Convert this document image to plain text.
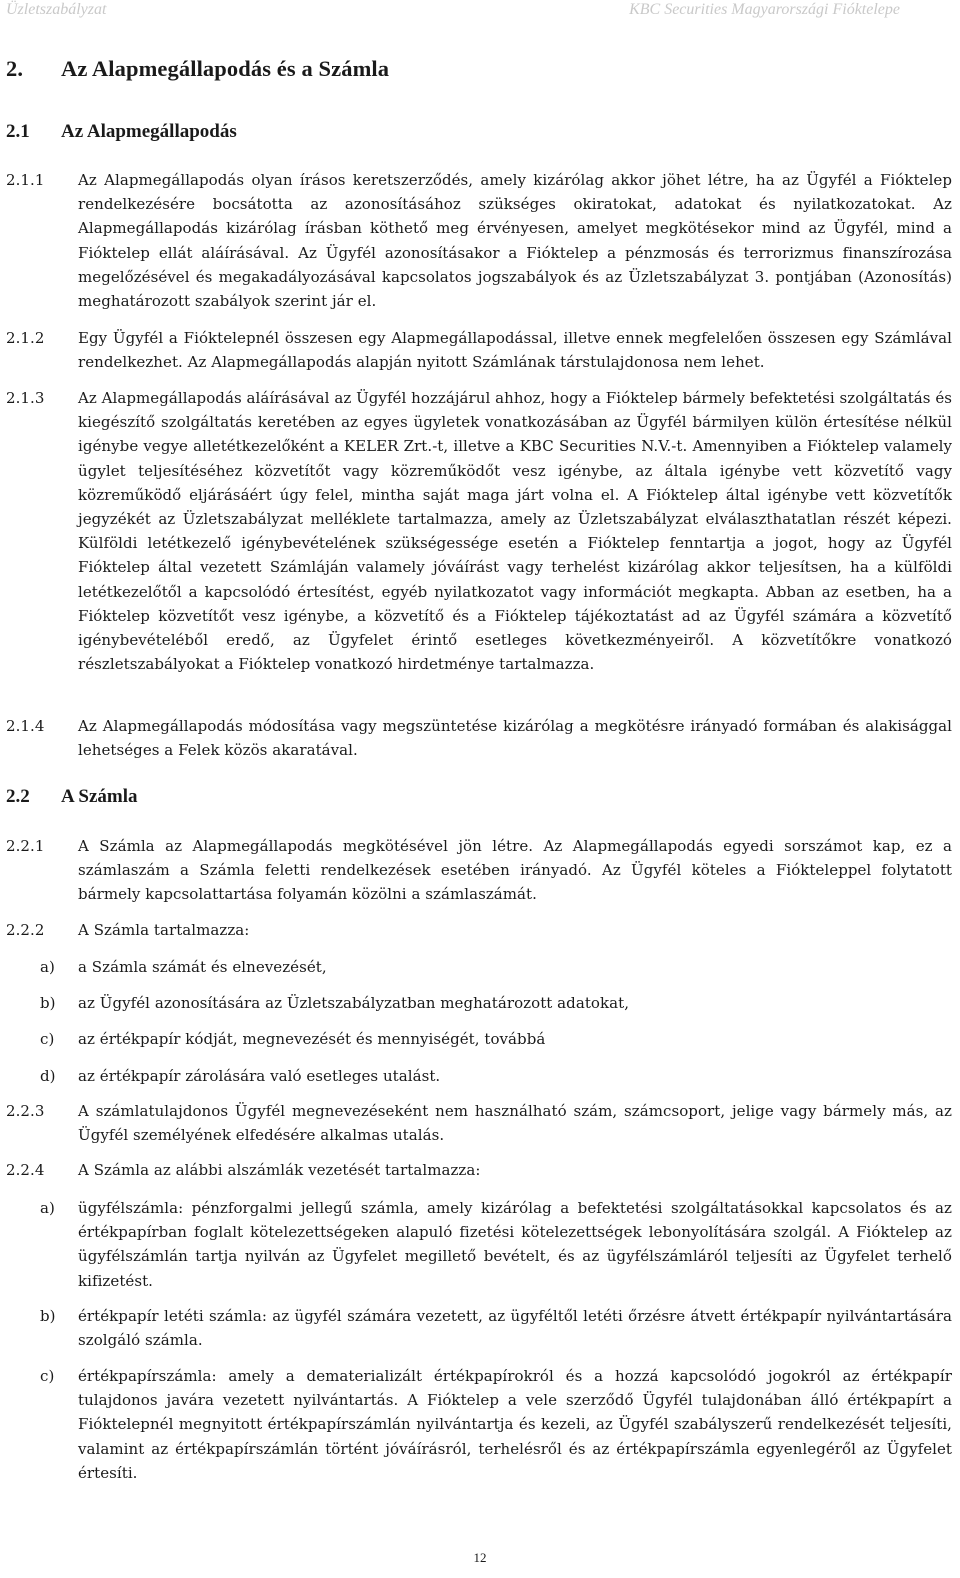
Üzletszabályzat	KBC Securities Magyarországi Fióktelepe
2. Az Alapmegállapodás és a Számla
2.1 Az Alapmegállapodás
2.1.1	Az Alapmegállapodás olyan írásos keretszerződés, amely kizárólag akkor jöhet létre, ha az Ügyfél a Fióktelep rendelkezésére bocsátotta az azonosításához szükséges okiratokat, adatokat és nyilatkozatokat. Az Alapmegállapodás kizárólag írásban köthető meg érvényesen, amelyet megkötésekor mind az Ügyfél, mind a Fióktelep ellát aláírásával. Az Ügyfél azonosításakor a Fióktelep a pénzmosás és terrorizmus finanszírozása megelőzésével és megakadályozásával kapcsolatos jogszabályok és az Üzletszabályzat 3. pontjában (Azonosítás) meghatározott szabályok szerint jár el.
2.1.2	Egy Ügyfél a Fióktelepnél összesen egy Alapmegállapodással, illetve ennek megfelelően összesen egy Számlával rendelkezhet. Az Alapmegállapodás alapján nyitott Számlának társtulajdonosa nem lehet.
2.1.3	Az Alapmegállapodás aláírásával az Ügyfél hozzájárul ahhoz, hogy a Fióktelep bármely befektetési szolgáltatás és kiegészítő szolgáltatás keretében az egyes ügyletek vonatkozásában az Ügyfél bármilyen külön értesítése nélkül igénybe vegye alletétkezelőként a KELER Zrt.-t, illetve a KBC Securities N.V.-t. Amennyiben a Fióktelep valamely ügylet teljesítéséhez közvetítőt vagy közreműködőt vesz igénybe, az általa igénybe vett közvetítő vagy közreműködő eljárásáért úgy felel, mintha saját maga járt volna el. A Fióktelep által igénybe vett közvetítők jegyzékét az Üzletszabályzat melléklete tartalmazza, amely az Üzletszabályzat elválaszthatatlan részét képezi. Külföldi letétkezelő igénybevételének szükségessége esetén a Fióktelep fenntartja a jogot, hogy az Ügyfél Fióktelep által vezetett Számláján valamely jóváírást vagy terhelést kizárólag akkor teljesítsen, ha a külföldi letétkezelőtől a kapcsolódó értesítést, egyéb nyilatkozatot vagy információt megkapta. Abban az esetben, ha a Fióktelep közvetítőt vesz igénybe, a közvetítő és a Fióktelep tájékoztatást ad az Ügyfél számára a közvetítő igénybevételéből eredő, az Ügyfelet érintő esetleges következményeiről. A közvetítőkre vonatkozó részletszabályokat a Fióktelep vonatkozó hirdetménye tartalmazza.
2.1.4	Az Alapmegállapodás módosítása vagy megszüntetése kizárólag a megkötésre irányadó formában és alakisággal lehetséges a Felek közös akaratával.
2.2 A Számla
2.2.1	A Számla az Alapmegállapodás megkötésével jön létre. Az Alapmegállapodás egyedi sorszámot kap, ez a számlaszám a Számla feletti rendelkezések esetében irányadó. Az Ügyfél köteles a Fiókteleppel folytatott bármely kapcsolattartása folyamán közölni a számlaszámát.
2.2.2	A Számla tartalmazza:
a)	a Számla számát és elnevezését,
b)	az Ügyfél azonosítására az Üzletszabályzatban meghatározott adatokat,
c)	az értékpapír kódját, megnevezését és mennyiségét, továbbá
d)	az értékpapír zárolására való esetleges utalást.
2.2.3	A számlatulajdonos Ügyfél megnevezéseként nem használható szám, számcsoport, jelige vagy bármely más, az Ügyfél személyének elfedésére alkalmas utalás.
2.2.4	A Számla az alábbi alszámlák vezetését tartalmazza:
a)	ügyfélszámla: pénzforgalmi jellegű számla, amely kizárólag a befektetési szolgáltatásokkal kapcsolatos és az értékpapírban foglalt kötelezettségeken alapuló fizetési kötelezettségek lebonyolítására szolgál. A Fióktelep az ügyfélszámlán tartja nyilván az Ügyfelet megillető bevételt, és az ügyfélszámláról teljesíti az Ügyfelet terhelő kifizetést.
b)	értékpapír letéti számla: az ügyfél számára vezetett, az ügyféltől letéti őrzésre átvett értékpapír nyilvántartására szolgáló számla.
c)	értékpapírszámla: amely a dematerializált értékpapírokról és a hozzá kapcsolódó jogokról az értékpapír tulajdonos javára vezetett nyilvántartás. A Fióktelep a vele szerződő Ügyfél tulajdonában álló értékpapírt a Fióktelepnél megnyitott értékpapírszámlán nyilvántartja és kezeli, az Ügyfél szabályszerű rendelkezését teljesíti, valamint az értékpapírszámlán történt jóváírásról, terhelésről és az értékpapírszámla egyenlegéről az Ügyfelet értesíti.
12
